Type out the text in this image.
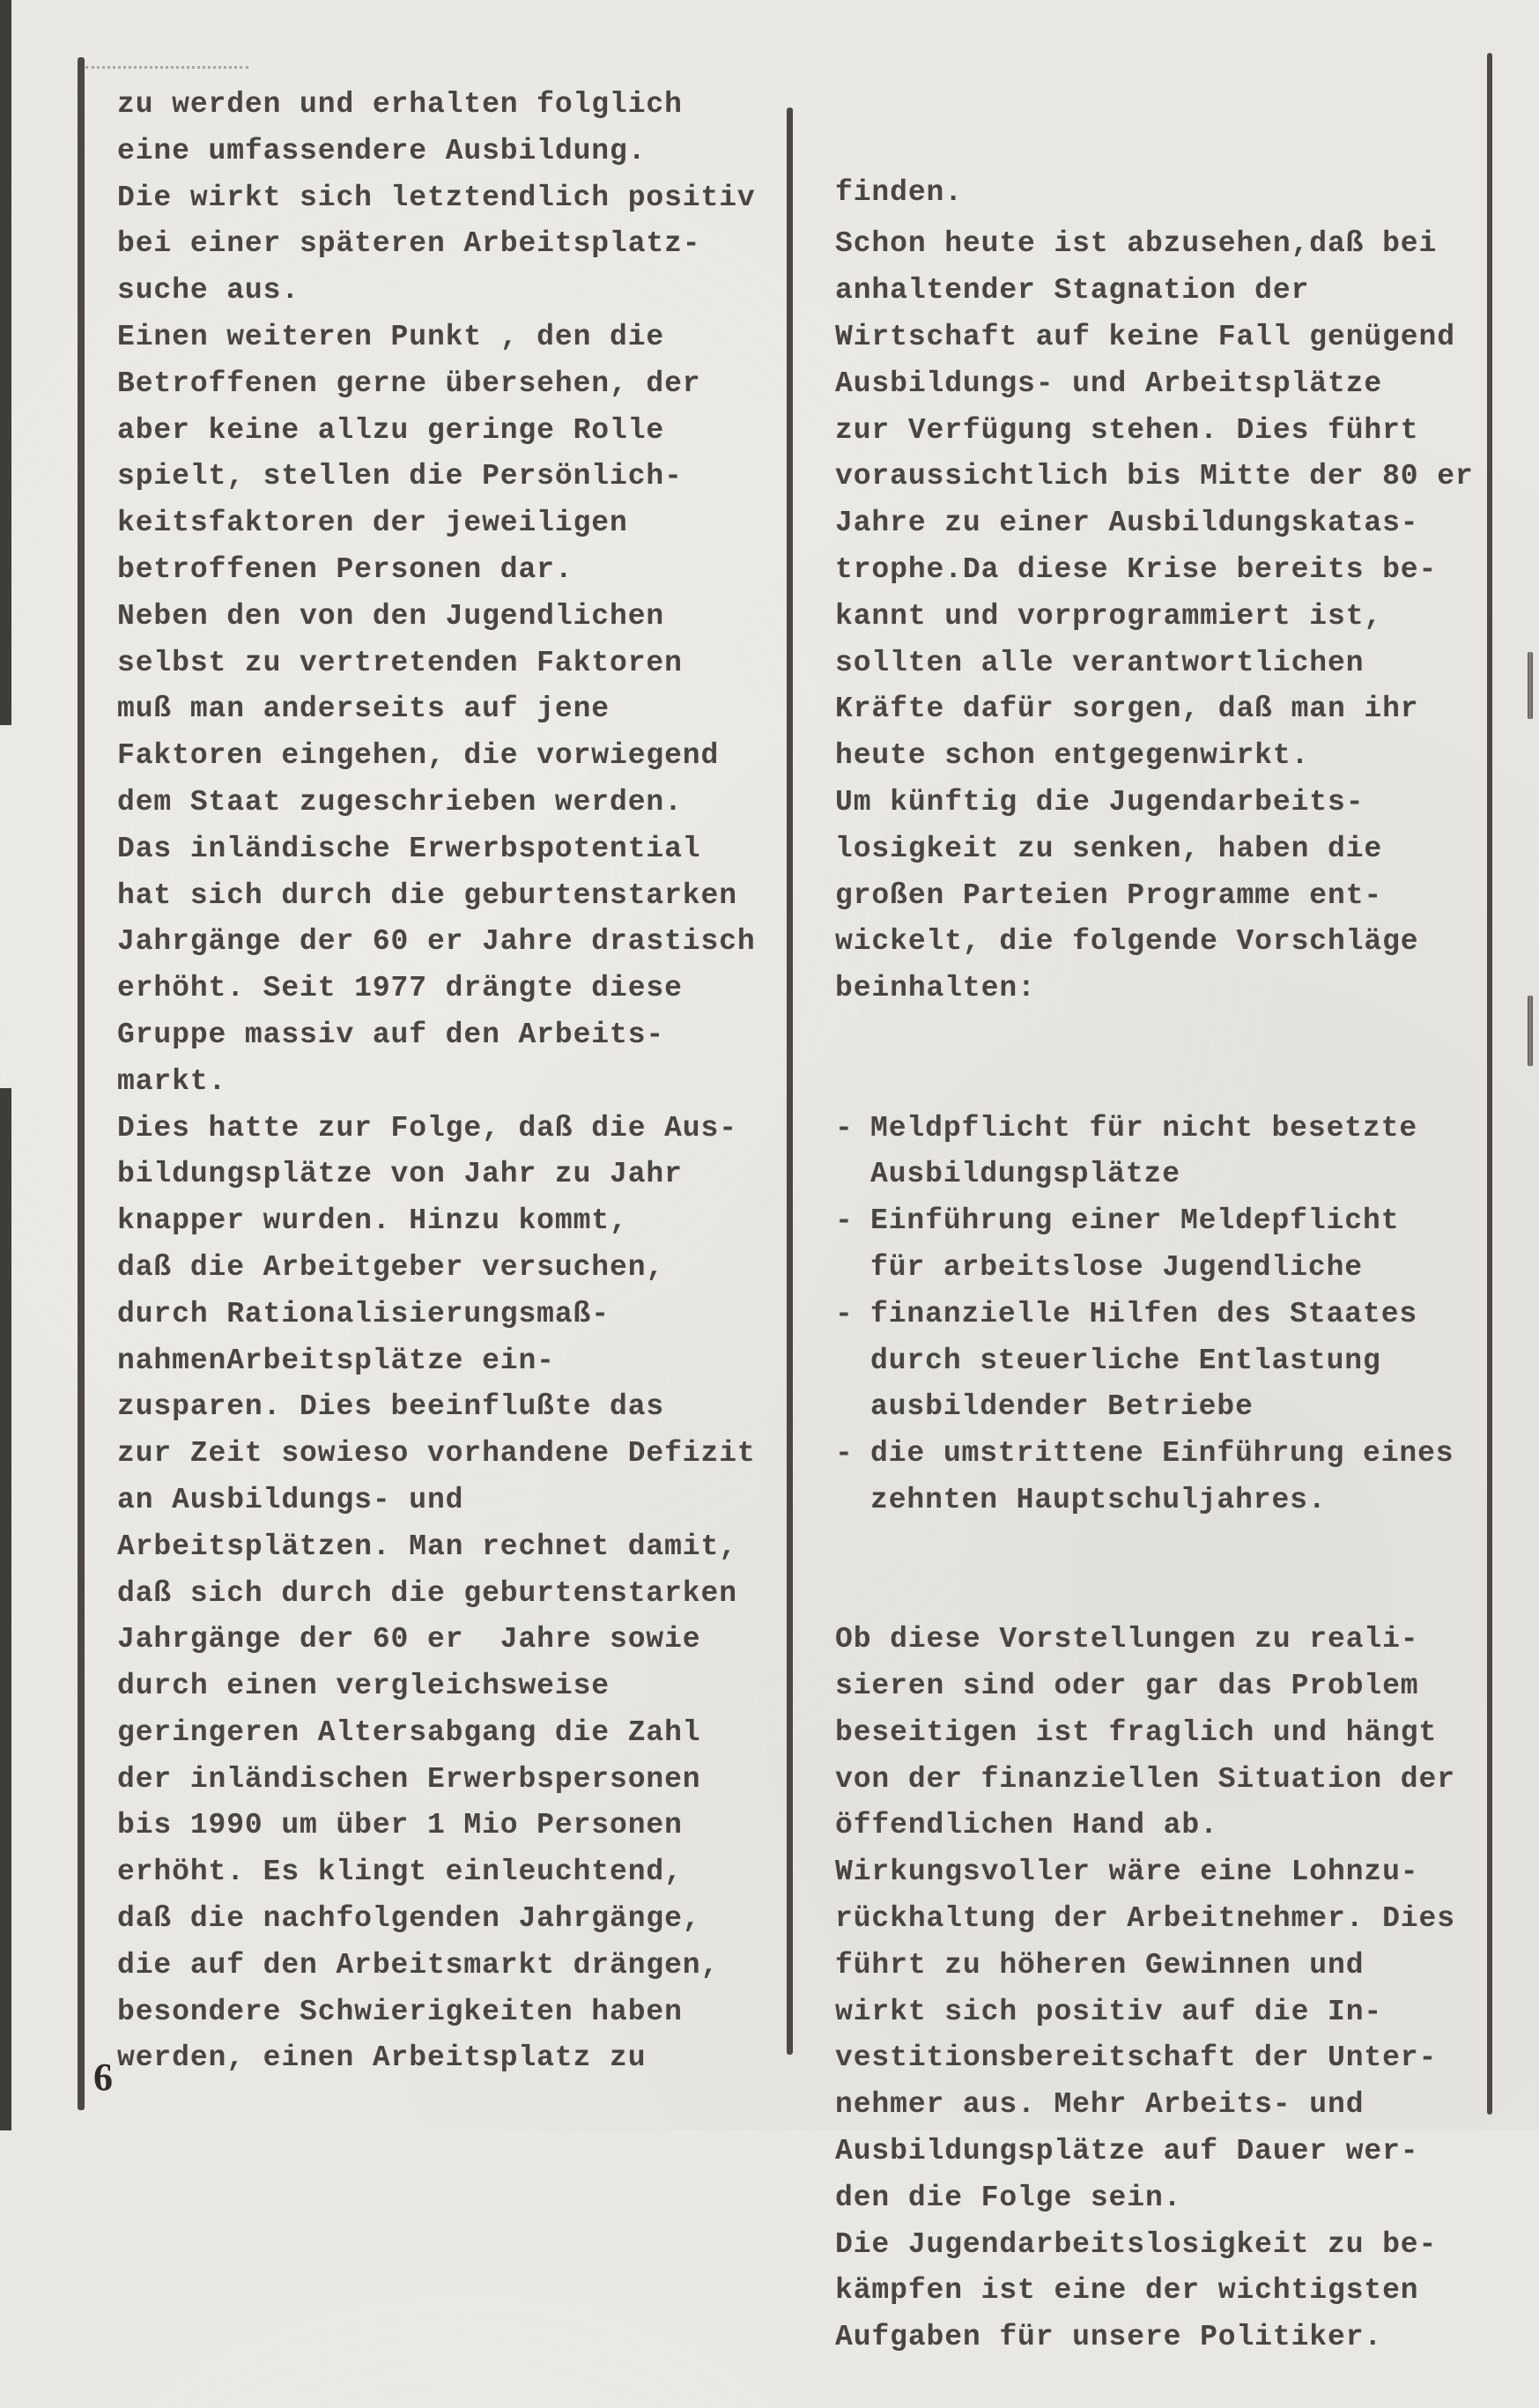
zu werden und erhalten folglich
eine umfassendere Ausbildung.
Die wirkt sich letztendlich positiv
bei einer späteren Arbeitsplatz-
suche aus.
Einen weiteren Punkt , den die
Betroffenen gerne übersehen, der
aber keine allzu geringe Rolle
spielt, stellen die Persönlich-
keitsfaktoren der jeweiligen
betroffenen Personen dar.
Neben den von den Jugendlichen
selbst zu vertretenden Faktoren
muß man anderseits auf jene
Faktoren eingehen, die vorwiegend
dem Staat zugeschrieben werden.
Das inländische Erwerbspotential
hat sich durch die geburtenstarken
Jahrgänge der 60 er Jahre drastisch
erhöht. Seit 1977 drängte diese
Gruppe massiv auf den Arbeits-
markt.
Dies hatte zur Folge, daß die Aus-
bildungsplätze von Jahr zu Jahr
knapper wurden. Hinzu kommt,
daß die Arbeitgeber versuchen,
durch Rationalisierungsmaß-
nahmenArbeitsplätze ein-
zusparen. Dies beeinflußte das
zur Zeit sowieso vorhandene Defizit
an Ausbildungs- und
Arbeitsplätzen. Man rechnet damit,
daß sich durch die geburtenstarken
Jahrgänge der 60 er  Jahre sowie
durch einen vergleichsweise
geringeren Altersabgang die Zahl
der inländischen Erwerbspersonen
bis 1990 um über 1 Mio Personen
erhöht. Es klingt einleuchtend,
daß die nachfolgenden Jahrgänge,
die auf den Arbeitsmarkt drängen,
besondere Schwierigkeiten haben
werden, einen Arbeitsplatz zu

finden.
Schon heute ist abzusehen,daß bei
anhaltender Stagnation der
Wirtschaft auf keine Fall genügend
Ausbildungs- und Arbeitsplätze
zur Verfügung stehen. Dies führt
voraussichtlich bis Mitte der 80 er
Jahre zu einer Ausbildungskatas-
trophe.Da diese Krise bereits be-
kannt und vorprogrammiert ist,
sollten alle verantwortlichen
Kräfte dafür sorgen, daß man ihr
heute schon entgegenwirkt.
Um künftig die Jugendarbeits-
losigkeit zu senken, haben die
großen Parteien Programme ent-
wickelt, die folgende Vorschläge
beinhalten:

- Meldpflicht für nicht besetzte
Ausbildungsplätze
- Einführung einer Meldepflicht
für arbeitslose Jugendliche
- finanzielle Hilfen des Staates
durch steuerliche Entlastung
ausbildender Betriebe
- die umstrittene Einführung eines
zehnten Hauptschuljahres.

Ob diese Vorstellungen zu reali-
sieren sind oder gar das Problem
beseitigen ist fraglich und hängt
von der finanziellen Situation der
öffendlichen Hand ab.
Wirkungsvoller wäre eine Lohnzu-
rückhaltung der Arbeitnehmer. Dies
führt zu höheren Gewinnen und
wirkt sich positiv auf die In-
vestitionsbereitschaft der Unter-
nehmer aus. Mehr Arbeits- und
Ausbildungsplätze auf Dauer wer-
den die Folge sein.
Die Jugendarbeitslosigkeit zu be-
kämpfen ist eine der wichtigsten
Aufgaben für unsere Politiker.

6
